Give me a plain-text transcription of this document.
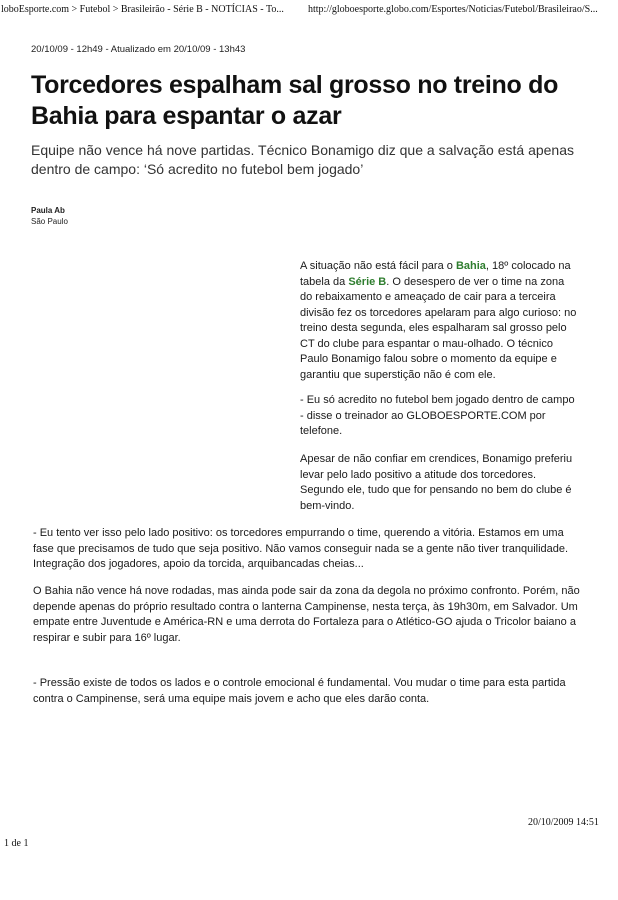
loboEsporte.com > Futebol > Brasileirão - Série B - NOTÍCIAS - To... http://globoesporte.globo.com/Esportes/Noticias/Futebol/Brasileirao/S...
20/10/09 - 12h49 - Atualizado em 20/10/09 - 13h43
Torcedores espalham sal grosso no treino do Bahia para espantar o azar

Equipe não vence há nove partidas. Técnico Bonamigo diz que a salvação está apenas dentro de campo: ‘Só acredito no futebol bem jogado’

Paula Ab
São Paulo

A situação não está fácil para o Bahia, 18º colocado na tabela da Série B. O desespero de ver o time na zona do rebaixamento e ameaçado de cair para a terceira divisão fez os torcedores apelaram para algo curioso: no treino desta segunda, eles espalharam sal grosso pelo CT do clube para espantar o mau-olhado. O técnico Paulo Bonamigo falou sobre o momento da equipe e garantiu que superstição não é com ele.

- Eu só acredito no futebol bem jogado dentro de campo - disse o treinador ao GLOBOESPORTE.COM por telefone.

Apesar de não confiar em crendices, Bonamigo preferiu levar pelo lado positivo a atitude dos torcedores. Segundo ele, tudo que for pensando no bem do clube é bem-vindo.

- Eu tento ver isso pelo lado positivo: os torcedores empurrando o time, querendo a vitória. Estamos em uma fase que precisamos de tudo que seja positivo. Não vamos conseguir nada se a gente não tiver tranquilidade. Integração dos jogadores, apoio da torcida, arquibancadas cheias...

O Bahia não vence há nove rodadas, mas ainda pode sair da zona da degola no próximo confronto. Porém, não depende apenas do próprio resultado contra o lanterna Campinense, nesta terça, às 19h30m, em Salvador. Um empate entre Juventude e América-RN e uma derrota do Fortaleza para o Atlético-GO ajuda o Tricolor baiano a respirar e subir para 16º lugar.

- Pressão existe de todos os lados e o controle emocional é fundamental. Vou mudar o time para esta partida contra o Campinense, será uma equipe mais jovem e acho que eles darão conta.

20/10/2009 14:51
1 de 1
